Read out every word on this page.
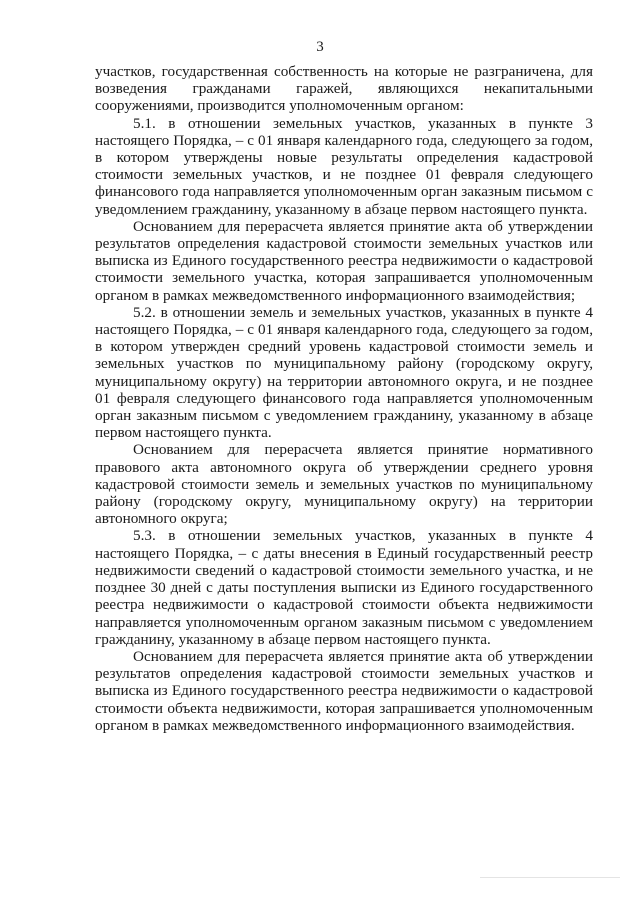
3

участков, государственная собственность на которые не разграничена, для возведения гражданами гаражей, являющихся некапитальными сооружениями, производится уполномоченным органом:

5.1. в отношении земельных участков, указанных в пункте 3 настоящего Порядка, – с 01 января календарного года, следующего за годом, в котором утверждены новые результаты определения кадастровой стоимости земельных участков, и не позднее 01 февраля следующего финансового года направляется уполномоченным орган заказным письмом с уведомлением гражданину, указанному в абзаце первом настоящего пункта.

Основанием для перерасчета является принятие акта об утверждении результатов определения кадастровой стоимости земельных участков или выписка из Единого государственного реестра недвижимости о кадастровой стоимости земельного участка, которая запрашивается уполномоченным органом в рамках межведомственного информационного взаимодействия;

5.2. в отношении земель и земельных участков, указанных в пункте 4 настоящего Порядка, – с 01 января календарного года, следующего за годом, в котором утвержден средний уровень кадастровой стоимости земель и земельных участков по муниципальному району (городскому округу, муниципальному округу) на территории автономного округа, и не позднее 01 февраля следующего финансового года направляется уполномоченным орган заказным письмом с уведомлением гражданину, указанному в абзаце первом настоящего пункта.

Основанием для перерасчета является принятие нормативного правового акта автономного округа об утверждении среднего уровня кадастровой стоимости земель и земельных участков по муниципальному району (городскому округу, муниципальному округу) на территории автономного округа;

5.3. в отношении земельных участков, указанных в пункте 4 настоящего Порядка, – с даты внесения в Единый государственный реестр недвижимости сведений о кадастровой стоимости земельного участка, и не позднее 30 дней с даты поступления выписки из Единого государственного реестра недвижимости о кадастровой стоимости объекта недвижимости направляется уполномоченным органом заказным письмом с уведомлением гражданину, указанному в абзаце первом настоящего пункта.

Основанием для перерасчета является принятие акта об утверждении результатов определения кадастровой стоимости земельных участков и выписка из Единого государственного реестра недвижимости о кадастровой стоимости объекта недвижимости, которая запрашивается уполномоченным органом в рамках межведомственного информационного взаимодействия.
